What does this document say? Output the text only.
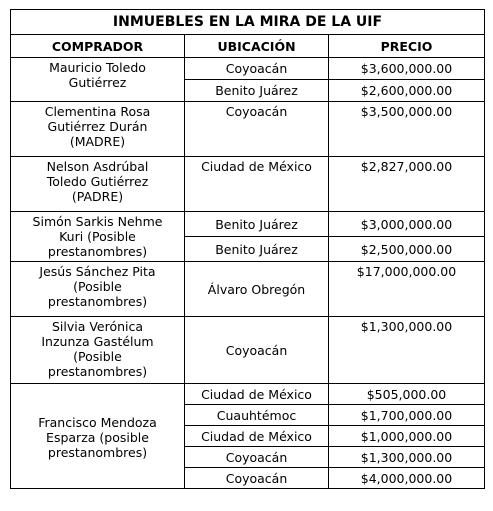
INMUEBLES EN LA MIRA DE LA UIF		
COMPRADOR	UBICACIÓN	PRECIO

Mauricio Toledo
Gutiérrez	Coyoacán	$3,600,000.00
	Benito Juárez	$2,600,000.00

Clementina Rosa
Gutiérrez Durán
(MADRE)	Coyoacán	$3,500,000.00

Nelson Asdrúbal
Toledo Gutiérrez
(PADRE)	Ciudad de México	$2,827,000.00

Simón Sarkis Nehme
Kuri (Posible
prestanombres)	Benito Juárez	$3,000,000.00
	Benito Juárez	$2,500,000.00

Jesús Sánchez Pita
(Posible
prestanombres)	Álvaro Obregón	$17,000,000.00

Silvia Verónica
Inzunza Gastélum
(Posible
prestanombres)	Coyoacán	$1,300,000.00

Francisco Mendoza
Esparza (posible
prestanombres)	Ciudad de México	$505,000.00
	Cuauhtémoc	$1,700,000.00
	Ciudad de México	$1,000,000.00
	Coyoacán	$1,300,000.00
	Coyoacán	$4,000,000.00
